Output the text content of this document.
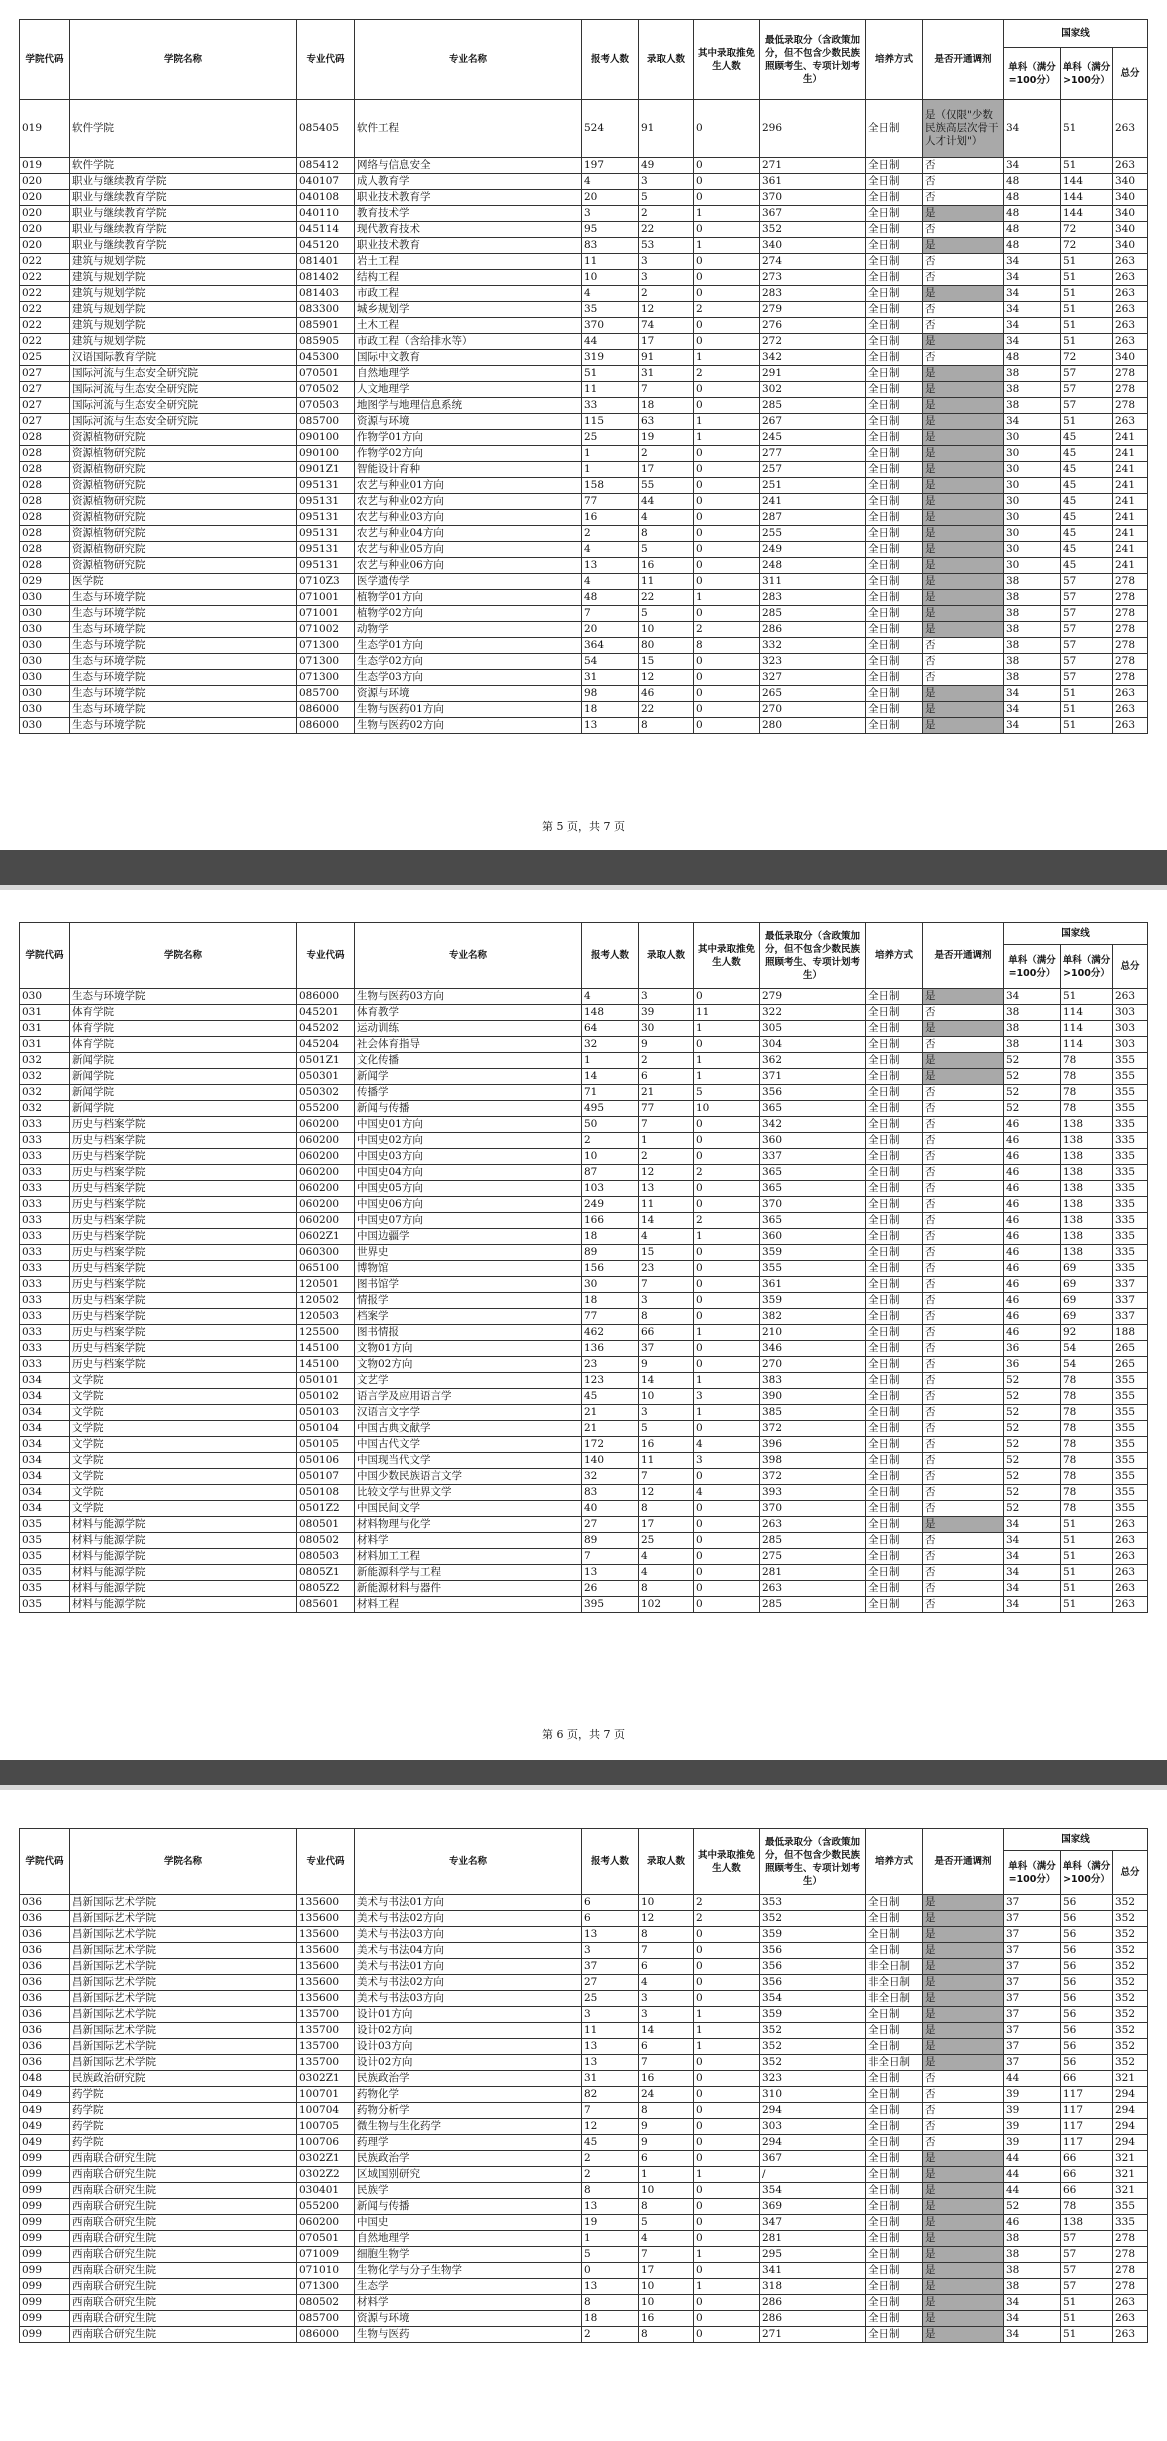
学院代码	学院名称	专业代码	专业名称	报考人数	录取人数	其中录取推免生人数	最低录取分（含政策加分，但不包含少数民族照顾考生、专项计划考生）	培养方式	是否开通调剂	国家线		
										单科（满分=100分）	单科（满分>100分）	总分
019	软件学院	085405	软件工程	524	91	0	296	全日制	是（仅限"少数民族高层次骨干人才计划"）	34	51	263
019	软件学院	085412	网络与信息安全	197	49	0	271	全日制	否	34	51	263
020	职业与继续教育学院	040107	成人教育学	4	3	0	361	全日制	否	48	144	340
020	职业与继续教育学院	040108	职业技术教育学	20	5	0	370	全日制	否	48	144	340
020	职业与继续教育学院	040110	教育技术学	3	2	1	367	全日制	是	48	144	340
020	职业与继续教育学院	045114	现代教育技术	95	22	0	352	全日制	否	48	72	340
020	职业与继续教育学院	045120	职业技术教育	83	53	1	340	全日制	是	48	72	340
022	建筑与规划学院	081401	岩土工程	11	3	0	274	全日制	否	34	51	263
022	建筑与规划学院	081402	结构工程	10	3	0	273	全日制	否	34	51	263
022	建筑与规划学院	081403	市政工程	4	2	0	283	全日制	是	34	51	263
022	建筑与规划学院	083300	城乡规划学	35	12	2	279	全日制	否	34	51	263
022	建筑与规划学院	085901	土木工程	370	74	0	276	全日制	否	34	51	263
022	建筑与规划学院	085905	市政工程（含给排水等）	44	17	0	272	全日制	是	34	51	263
025	汉语国际教育学院	045300	国际中文教育	319	91	1	342	全日制	否	48	72	340
027	国际河流与生态安全研究院	070501	自然地理学	51	31	2	291	全日制	是	38	57	278
027	国际河流与生态安全研究院	070502	人文地理学	11	7	0	302	全日制	是	38	57	278
027	国际河流与生态安全研究院	070503	地图学与地理信息系统	33	18	0	285	全日制	是	38	57	278
027	国际河流与生态安全研究院	085700	资源与环境	115	63	1	267	全日制	是	34	51	263
028	资源植物研究院	090100	作物学01方向	25	19	1	245	全日制	是	30	45	241
028	资源植物研究院	090100	作物学02方向	1	2	0	277	全日制	是	30	45	241
028	资源植物研究院	0901Z1	智能设计育种	1	17	0	257	全日制	是	30	45	241
028	资源植物研究院	095131	农艺与种业01方向	158	55	0	251	全日制	是	30	45	241
028	资源植物研究院	095131	农艺与种业02方向	77	44	0	241	全日制	是	30	45	241
028	资源植物研究院	095131	农艺与种业03方向	16	4	0	287	全日制	是	30	45	241
028	资源植物研究院	095131	农艺与种业04方向	2	8	0	255	全日制	是	30	45	241
028	资源植物研究院	095131	农艺与种业05方向	4	5	0	249	全日制	是	30	45	241
028	资源植物研究院	095131	农艺与种业06方向	13	16	0	248	全日制	是	30	45	241
029	医学院	0710Z3	医学遗传学	4	11	0	311	全日制	是	38	57	278
030	生态与环境学院	071001	植物学01方向	48	22	1	283	全日制	是	38	57	278
030	生态与环境学院	071001	植物学02方向	7	5	0	285	全日制	是	38	57	278
030	生态与环境学院	071002	动物学	20	10	2	286	全日制	是	38	57	278
030	生态与环境学院	071300	生态学01方向	364	80	8	332	全日制	否	38	57	278
030	生态与环境学院	071300	生态学02方向	54	15	0	323	全日制	否	38	57	278
030	生态与环境学院	071300	生态学03方向	31	12	0	327	全日制	否	38	57	278
030	生态与环境学院	085700	资源与环境	98	46	0	265	全日制	是	34	51	263
030	生态与环境学院	086000	生物与医药01方向	18	22	0	270	全日制	是	34	51	263
030	生态与环境学院	086000	生物与医药02方向	13	8	0	280	全日制	是	34	51	263
第 5 页，共 7 页
学院代码	学院名称	专业代码	专业名称	报考人数	录取人数	其中录取推免生人数	最低录取分（含政策加分，但不包含少数民族照顾考生、专项计划考生）	培养方式	是否开通调剂	国家线		
										单科（满分=100分）	单科（满分>100分）	总分
030	生态与环境学院	086000	生物与医药03方向	4	3	0	279	全日制	是	34	51	263
031	体育学院	045201	体育教学	148	39	11	322	全日制	否	38	114	303
031	体育学院	045202	运动训练	64	30	1	305	全日制	是	38	114	303
031	体育学院	045204	社会体育指导	32	9	0	304	全日制	否	38	114	303
032	新闻学院	0501Z1	文化传播	1	2	1	362	全日制	是	52	78	355
032	新闻学院	050301	新闻学	14	6	1	371	全日制	是	52	78	355
032	新闻学院	050302	传播学	71	21	5	356	全日制	否	52	78	355
032	新闻学院	055200	新闻与传播	495	77	10	365	全日制	否	52	78	355
033	历史与档案学院	060200	中国史01方向	50	7	0	342	全日制	否	46	138	335
033	历史与档案学院	060200	中国史02方向	2	1	0	360	全日制	否	46	138	335
033	历史与档案学院	060200	中国史03方向	10	2	0	337	全日制	否	46	138	335
033	历史与档案学院	060200	中国史04方向	87	12	2	365	全日制	否	46	138	335
033	历史与档案学院	060200	中国史05方向	103	13	0	365	全日制	否	46	138	335
033	历史与档案学院	060200	中国史06方向	249	11	0	370	全日制	否	46	138	335
033	历史与档案学院	060200	中国史07方向	166	14	2	365	全日制	否	46	138	335
033	历史与档案学院	0602Z1	中国边疆学	18	4	1	360	全日制	否	46	138	335
033	历史与档案学院	060300	世界史	89	15	0	359	全日制	否	46	138	335
033	历史与档案学院	065100	博物馆	156	23	0	355	全日制	否	46	69	335
033	历史与档案学院	120501	图书馆学	30	7	0	361	全日制	否	46	69	337
033	历史与档案学院	120502	情报学	18	3	0	359	全日制	否	46	69	337
033	历史与档案学院	120503	档案学	77	8	0	382	全日制	否	46	69	337
033	历史与档案学院	125500	图书情报	462	66	1	210	全日制	否	46	92	188
033	历史与档案学院	145100	文物01方向	136	37	0	346	全日制	否	36	54	265
033	历史与档案学院	145100	文物02方向	23	9	0	270	全日制	否	36	54	265
034	文学院	050101	文艺学	123	14	1	383	全日制	否	52	78	355
034	文学院	050102	语言学及应用语言学	45	10	3	390	全日制	否	52	78	355
034	文学院	050103	汉语言文字学	21	3	1	385	全日制	否	52	78	355
034	文学院	050104	中国古典文献学	21	5	0	372	全日制	否	52	78	355
034	文学院	050105	中国古代文学	172	16	4	396	全日制	否	52	78	355
034	文学院	050106	中国现当代文学	140	11	3	398	全日制	否	52	78	355
034	文学院	050107	中国少数民族语言文学	32	7	0	372	全日制	否	52	78	355
034	文学院	050108	比较文学与世界文学	83	12	4	393	全日制	否	52	78	355
034	文学院	0501Z2	中国民间文学	40	8	0	370	全日制	否	52	78	355
035	材料与能源学院	080501	材料物理与化学	27	17	0	263	全日制	是	34	51	263
035	材料与能源学院	080502	材料学	89	25	0	285	全日制	否	34	51	263
035	材料与能源学院	080503	材料加工工程	7	4	0	275	全日制	否	34	51	263
035	材料与能源学院	0805Z1	新能源科学与工程	13	4	0	281	全日制	否	34	51	263
035	材料与能源学院	0805Z2	新能源材料与器件	26	8	0	263	全日制	否	34	51	263
035	材料与能源学院	085601	材料工程	395	102	0	285	全日制	否	34	51	263
第 6 页，共 7 页
学院代码	学院名称	专业代码	专业名称	报考人数	录取人数	其中录取推免生人数	最低录取分（含政策加分，但不包含少数民族照顾考生、专项计划考生）	培养方式	是否开通调剂	国家线		
										单科（满分=100分）	单科（满分>100分）	总分
036	昌新国际艺术学院	135600	美术与书法01方向	6	10	2	353	全日制	是	37	56	352
036	昌新国际艺术学院	135600	美术与书法02方向	6	12	2	352	全日制	是	37	56	352
036	昌新国际艺术学院	135600	美术与书法03方向	13	8	0	359	全日制	是	37	56	352
036	昌新国际艺术学院	135600	美术与书法04方向	3	7	0	356	全日制	是	37	56	352
036	昌新国际艺术学院	135600	美术与书法01方向	37	6	0	356	非全日制	是	37	56	352
036	昌新国际艺术学院	135600	美术与书法02方向	27	4	0	356	非全日制	是	37	56	352
036	昌新国际艺术学院	135600	美术与书法03方向	25	3	0	354	非全日制	是	37	56	352
036	昌新国际艺术学院	135700	设计01方向	3	3	1	359	全日制	是	37	56	352
036	昌新国际艺术学院	135700	设计02方向	11	14	1	352	全日制	是	37	56	352
036	昌新国际艺术学院	135700	设计03方向	13	6	1	352	全日制	是	37	56	352
036	昌新国际艺术学院	135700	设计02方向	13	7	0	352	非全日制	是	37	56	352
048	民族政治研究院	0302Z1	民族政治学	31	16	0	323	全日制	否	44	66	321
049	药学院	100701	药物化学	82	24	0	310	全日制	否	39	117	294
049	药学院	100704	药物分析学	7	8	0	294	全日制	否	39	117	294
049	药学院	100705	微生物与生化药学	12	9	0	303	全日制	否	39	117	294
049	药学院	100706	药理学	45	9	0	294	全日制	否	39	117	294
099	西南联合研究生院	0302Z1	民族政治学	2	6	0	367	全日制	是	44	66	321
099	西南联合研究生院	0302Z2	区域国别研究	2	1	1	/	全日制	是	44	66	321
099	西南联合研究生院	030401	民族学	8	10	0	354	全日制	是	44	66	321
099	西南联合研究生院	055200	新闻与传播	13	8	0	369	全日制	是	52	78	355
099	西南联合研究生院	060200	中国史	19	5	0	347	全日制	是	46	138	335
099	西南联合研究生院	070501	自然地理学	1	4	0	281	全日制	是	38	57	278
099	西南联合研究生院	071009	细胞生物学	5	7	1	295	全日制	是	38	57	278
099	西南联合研究生院	071010	生物化学与分子生物学	0	17	0	341	全日制	是	38	57	278
099	西南联合研究生院	071300	生态学	13	10	1	318	全日制	是	38	57	278
099	西南联合研究生院	080502	材料学	8	10	0	286	全日制	是	34	51	263
099	西南联合研究生院	085700	资源与环境	18	16	0	286	全日制	是	34	51	263
099	西南联合研究生院	086000	生物与医药	2	8	0	271	全日制	是	34	51	263
